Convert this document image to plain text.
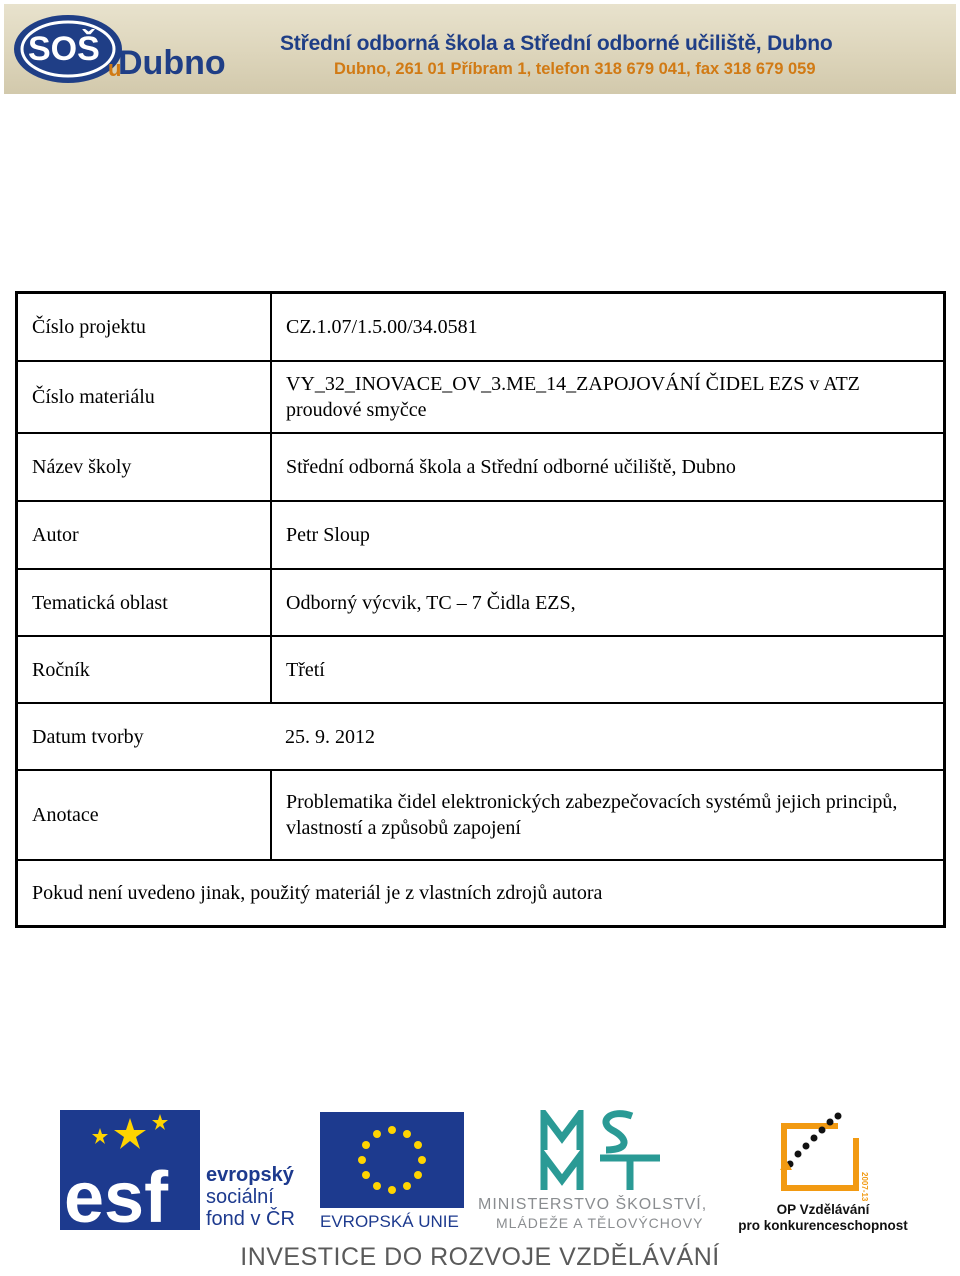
SOŠ
u
Dubno
Střední odborná škola a Střední odborné učiliště, Dubno
Dubno, 261 01 Příbram 1, telefon 318 679 041, fax 318 679 059
Číslo projektu	CZ.1.07/1.5.00/34.0581
Číslo materiálu	VY_32_INOVACE_OV_3.ME_14_ZAPOJOVÁNÍ ČIDEL EZS v ATZ proudové smyčce
Název školy	Střední odborná škola a Střední odborné učiliště, Dubno
Autor	Petr Sloup
Tematická oblast	Odborný výcvik, TC – 7 Čidla EZS,
Ročník	Třetí
Datum tvorby	25. 9. 2012
Anotace	Problematika čidel elektronických zabezpečovacích systémů jejich principů, vlastností a způsobů zapojení
Pokud není uvedeno jinak, použitý materiál je z vlastních zdrojů autora	
esf evropský
sociální
fond v ČR EVROPSKÁ UNIE
MINISTERSTVO ŠKOLSTVÍ,
MLÁDEŽE A TĚLOVÝCHOVY
2007-13
OP Vzdělávání
pro konkurenceschopnost
INVESTICE DO ROZVOJE VZDĚLÁVÁNÍ
